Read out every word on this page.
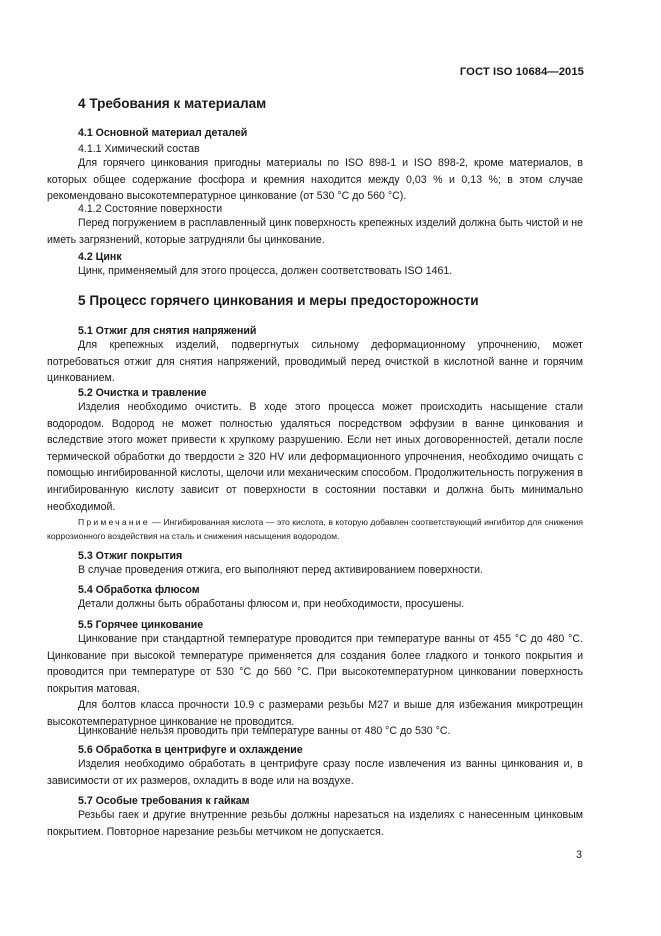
ГОСТ ISO 10684—2015
4 Требования к материалам
4.1 Основной материал деталей
4.1.1 Химический состав

Для горячего цинкования пригодны материалы по ISO 898-1 и ISO 898-2, кроме материалов, в которых общее содержание фосфора и кремния находится между 0,03 % и 0,13 %; в этом случае рекомендовано высокотемпературное цинкование (от 530 °С до 560 °С).

4.1.2 Состояние поверхности

Перед погружением в расплавленный цинк поверхность крепежных изделий должна быть чистой и не иметь загрязнений, которые затрудняли бы цинкование.

4.2 Цинк

Цинк, применяемый для этого процесса, должен соответствовать ISO 1461.

5 Процесс горячего цинкования и меры предосторожности
5.1 Отжиг для снятия напряжений

Для крепежных изделий, подвергнутых сильному деформационному упрочнению, может потребоваться отжиг для снятия напряжений, проводимый перед очисткой в кислотной ванне и горячим цинкованием.

5.2 Очистка и травление

Изделия необходимо очистить. В ходе этого процесса может происходить насыщение стали водородом. Водород не может полностью удаляться посредством эффузии в ванне цинкования и вследствие этого может привести к хрупкому разрушению. Если нет иных договоренностей, детали после термической обработки до твердости ≥ 320 HV или деформационного упрочнения, необходимо очищать с помощью ингибированной кислоты, щелочи или механическим способом. Продолжительность погружения в ингибированную кислоту зависит от поверхности в состоянии поставки и должна быть минимально необходимой.

Примечание — Ингибированная кислота — это кислота, в которую добавлен соответствующий ингибитор для снижения коррозионного воздействия на сталь и снижения насыщения водородом.

5.3 Отжиг покрытия

В случае проведения отжига, его выполняют перед активированием поверхности.

5.4 Обработка флюсом

Детали должны быть обработаны флюсом и, при необходимости, просушены.

5.5 Горячее цинкование

Цинкование при стандартной температуре проводится при температуре ванны от 455 °С до 480 °С. Цинкование при высокой температуре применяется для создания более гладкого и тонкого покрытия и проводится при температуре от 530 °С до 560 °С. При высокотемпературном цинковании поверхность покрытия матовая.

Для болтов класса прочности 10.9 с размерами резьбы М27 и выше для избежания микротрещин высокотемпературное цинкование не проводится.

Цинкование нельзя проводить при температуре ванны от 480 °С до 530 °С.

5.6 Обработка в центрифуге и охлаждение

Изделия необходимо обработать в центрифуге сразу после извлечения из ванны цинкования и, в зависимости от их размеров, охладить в воде или на воздухе.

5.7 Особые требования к гайкам

Резьбы гаек и другие внутренние резьбы должны нарезаться на изделиях с нанесенным цинковым покрытием. Повторное нарезание резьбы метчиком не допускается.

3
